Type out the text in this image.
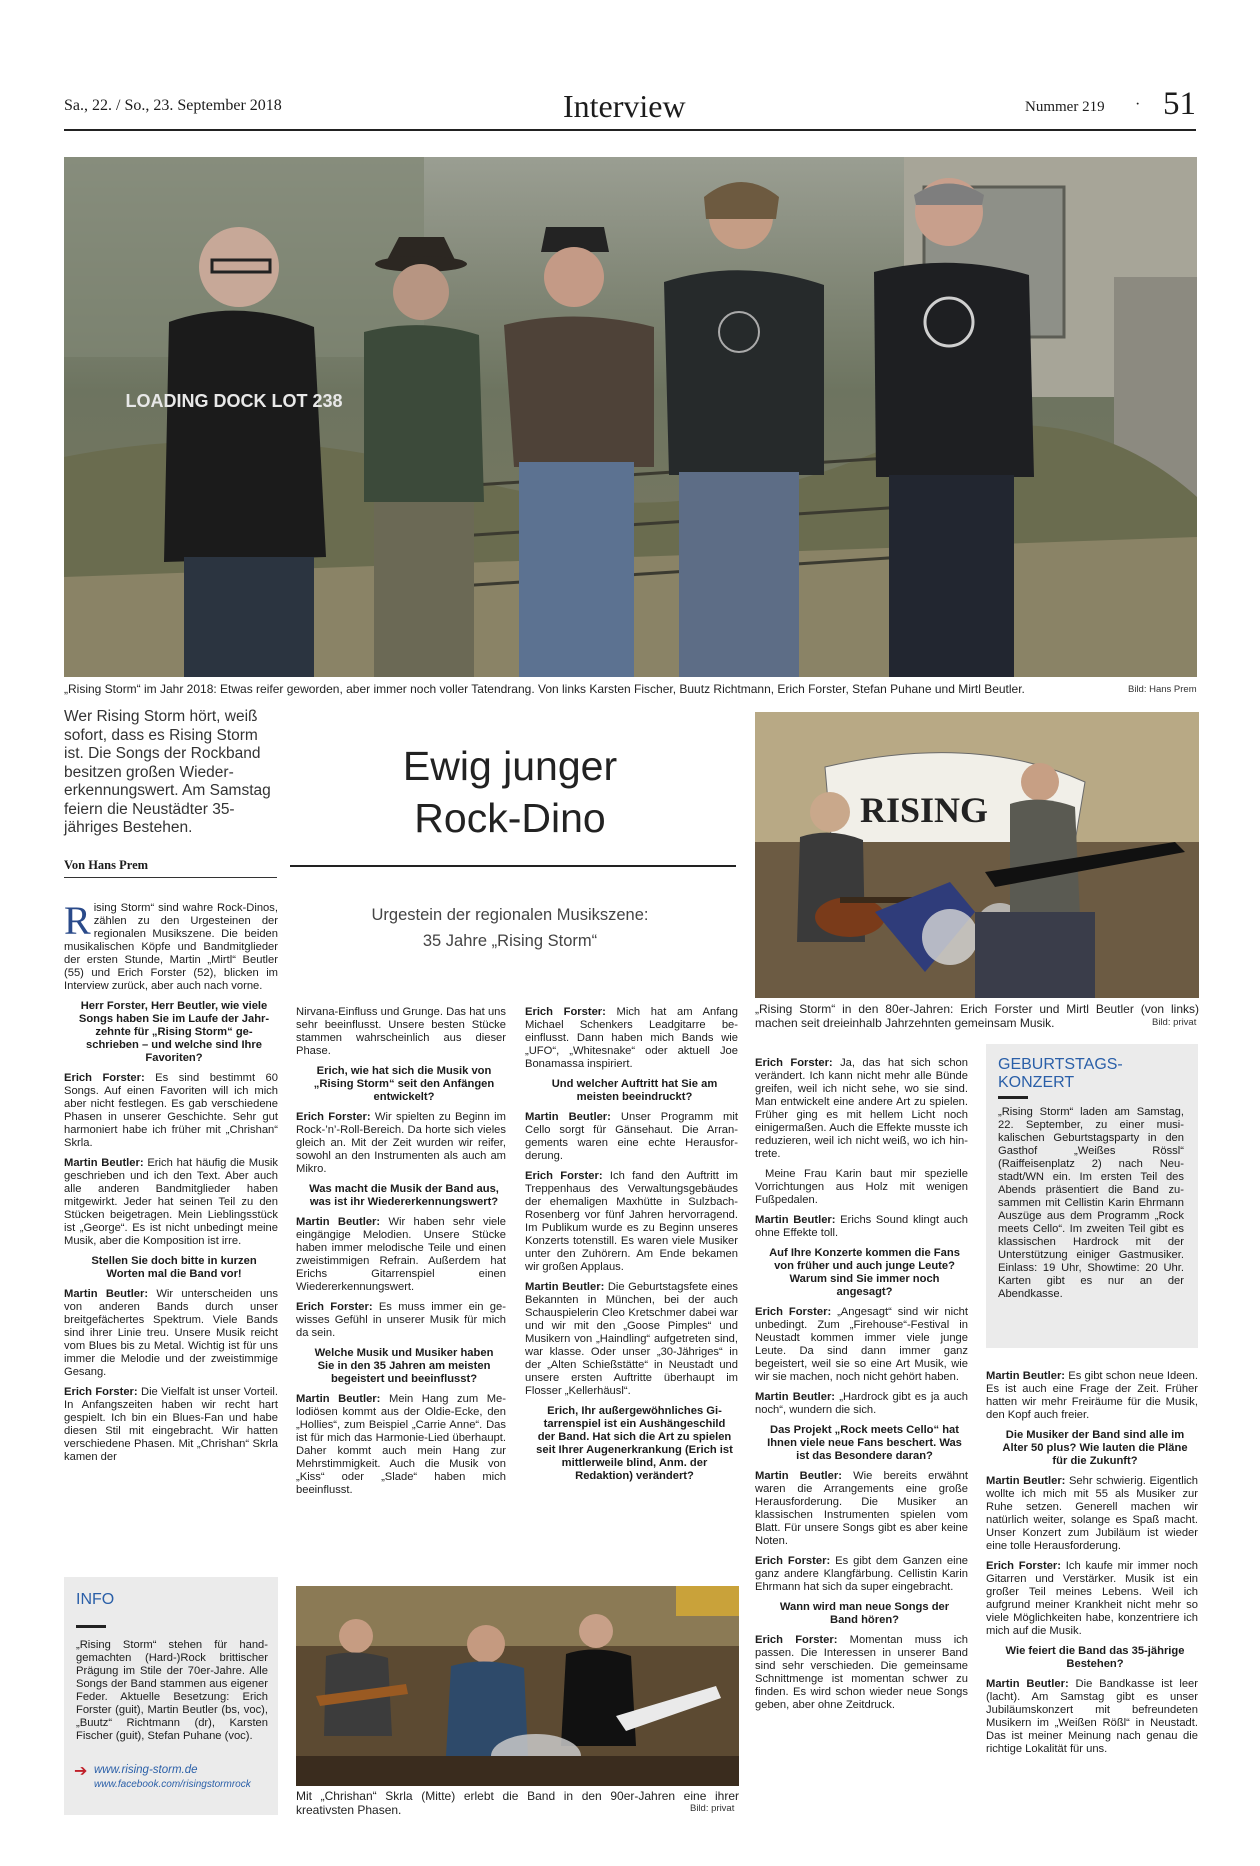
Sa., 22. / So., 23. September 2018	Interview	Nummer 219 · 51
LOADING DOCK LOT 238
„Rising Storm“ im Jahr 2018: Etwas reifer geworden, aber immer noch voller Tatendrang. Von links Karsten Fischer, Buutz Richtmann, Erich Forster, Stefan Puhane und Mirtl Beutler.	Bild: Hans Prem
Wer Rising Storm hört, weiß sofort, dass es Rising Storm ist. Die Songs der Rockband besitzen großen Wiedererkennungswert. Am Samstag feiern die Neustädter 35-jähriges Bestehen.
Von Hans Prem
Ewig junger
Rock-Dino
Urgestein der regionalen Musikszene:
35 Jahre „Rising Storm“
RISING
„Rising Storm“ in den 80er-Jahren: Erich Forster und Mirtl Beutler (von links) machen seit dreieinhalb Jahrzehnten gemeinsam Musik.	Bild: privat

Rising Storm“ sind wahre Rock-Dinos, zählen zu den Urgesteinen der regionalen Musikszene. Die beiden musikalischen Köpfe und Bandmitglieder der ersten Stunde, Martin „Mirtl“ Beutler (55) und Erich Forster (52), blicken im Interview zurück, aber auch nach vorne.

Herr Forster, Herr Beutler, wie viele Songs haben Sie im Laufe der Jahrzehnte für „Rising Storm“ geschrieben – und welche sind Ihre Favoriten?

Erich Forster: Es sind bestimmt 60 Songs. Auf einen Favoriten will ich mich aber nicht festlegen. Es gab verschiedene Phasen in unserer Geschichte. Sehr gut harmoniert habe ich früher mit „Chrishan“ Skrla.

Martin Beutler: Erich hat häufig die Musik geschrieben und ich den Text. Aber auch alle anderen Bandmitglieder haben mitgewirkt. Jeder hat seinen Teil zu den Stücken beigetragen. Mein Lieblingsstück ist „George“. Es ist nicht unbedingt meine Musik, aber die Komposition ist irre.

Stellen Sie doch bitte in kurzen Worten mal die Band vor!

Martin Beutler: Wir unterscheiden uns von anderen Bands durch unser breitgefächertes Spektrum. Viele Bands sind ihrer Linie treu. Unsere Musik reicht vom Blues bis zu Metal. Wichtig ist für uns immer die Melodie und der zweistimmige Gesang.

Erich Forster: Die Vielfalt ist unser Vorteil. In Anfangszeiten haben wir recht hart gespielt. Ich bin ein Blues-Fan und habe diesen Stil mit eingebracht. Wir hatten verschiedene Phasen. Mit „Chrishan“ Skrla kamen der

Nirvana-Einfluss und Grunge. Das hat uns sehr beeinflusst. Unsere besten Stücke stammen wahrscheinlich aus dieser Phase.

Erich, wie hat sich die Musik von „Rising Storm“ seit den Anfängen entwickelt?

Erich Forster: Wir spielten zu Beginn im Rock-’n’-Roll-Bereich. Da horte sich vieles gleich an. Mit der Zeit wurden wir reifer, sowohl an den Instrumenten als auch am Mikro.

Was macht die Musik der Band aus, was ist ihr Wiedererkennungswert?

Martin Beutler: Wir haben sehr viele eingängige Melodien. Unsere Stücke haben immer melodische Teile und einen zweistimmigen Refrain. Außerdem hat Erichs Gitarrenspiel einen Wiedererkennungswert.

Erich Forster: Es muss immer ein gewisses Gefühl in unserer Musik für mich da sein.

Welche Musik und Musiker haben Sie in den 35 Jahren am meisten begeistert und beeinflusst?

Martin Beutler: Mein Hang zum Melodiösen kommt aus der Oldie-Ecke, den „Hollies“, zum Beispiel „Carrie Anne“. Das ist für mich das Harmonie-Lied überhaupt. Daher kommt auch mein Hang zur Mehrstimmigkeit. Auch die Musik von „Kiss“ oder „Slade“ haben mich beeinflusst.

Erich Forster: Mich hat am Anfang Michael Schenkers Leadgitarre beeinflusst. Dann haben mich Bands wie „UFO“, „Whitesnake“ oder aktuell Joe Bonamassa inspiriert.

Und welcher Auftritt hat Sie am meisten beeindruckt?

Martin Beutler: Unser Programm mit Cello sorgt für Gänsehaut. Die Arrangements waren eine echte Herausforderung.

Erich Forster: Ich fand den Auftritt im Treppenhaus des Verwaltungsgebäudes der ehemaligen Maxhütte in Sulzbach-Rosenberg vor fünf Jahren hervorragend. Im Publikum wurde es zu Beginn unseres Konzerts totenstill. Es waren viele Musiker unter den Zuhörern. Am Ende bekamen wir großen Applaus.

Martin Beutler: Die Geburtstagsfete eines Bekannten in München, bei der auch Schauspielerin Cleo Kretschmer dabei war und wir mit den „Goose Pimples“ und Musikern von „Haindling“ aufgetreten sind, war klasse. Oder unser „30-Jähriges“ in der „Alten Schießstätte“ in Neustadt und unsere ersten Auftritte überhaupt im Flosser „Kellerhäusl“.

Erich, Ihr außergewöhnliches Gitarrenspiel ist ein Aushängeschild der Band. Hat sich die Art zu spielen seit Ihrer Augenerkrankung (Erich ist mittlerweile blind, Anm. der Redaktion) verändert?

Erich Forster: Ja, das hat sich schon verändert. Ich kann nicht mehr alle Bünde greifen, weil ich nicht sehe, wo sie sind. Man entwickelt eine andere Art zu spielen. Früher ging es mit hellem Licht noch einigermaßen. Auch die Effekte musste ich reduzieren, weil ich nicht weiß, wo ich hintrete.

Meine Frau Karin baut mir spezielle Vorrichtungen aus Holz mit wenigen Fußpedalen.

Martin Beutler: Erichs Sound klingt auch ohne Effekte toll.

Auf Ihre Konzerte kommen die Fans von früher und auch junge Leute? Warum sind Sie immer noch angesagt?

Erich Forster: „Angesagt“ sind wir nicht unbedingt. Zum „Firehouse“-Festival in Neustadt kommen immer viele junge Leute. Da sind dann immer ganz begeistert, weil sie so eine Art Musik, wie wir sie machen, noch nicht gehört haben.

Martin Beutler: „Hardrock gibt es ja auch noch“, wundern die sich.

Das Projekt „Rock meets Cello“ hat Ihnen viele neue Fans beschert. Was ist das Besondere daran?

Martin Beutler: Wie bereits erwähnt waren die Arrangements eine große Herausforderung. Die Musiker an klassischen Instrumenten spielen vom Blatt. Für unsere Songs gibt es aber keine Noten.

Erich Forster: Es gibt dem Ganzen eine ganz andere Klangfärbung. Cellistin Karin Ehrmann hat sich da super eingebracht.

Wann wird man neue Songs der Band hören?

Erich Forster: Momentan muss ich passen. Die Interessen in unserer Band sind sehr verschieden. Die gemeinsame Schnittmenge ist momentan schwer zu finden. Es wird schon wieder neue Songs geben, aber ohne Zeitdruck.

GEBURTSTAGS-KONZERT
„Rising Storm“ laden am Samstag, 22. September, zu einer musikalischen Geburtstagsparty in den Gasthof „Weißes Rössl“ (Raiffeisenplatz 2) nach Neustadt/WN ein. Im ersten Teil des Abends präsentiert die Band zusammen mit Cellistin Karin Ehrmann Auszüge aus dem Programm „Rock meets Cello“. Im zweiten Teil gibt es klassischen Hardrock mit der Unterstützung einiger Gastmusiker. Einlass: 19 Uhr, Showtime: 20 Uhr. Karten gibt es nur an der Abendkasse.

Martin Beutler: Es gibt schon neue Ideen. Es ist auch eine Frage der Zeit. Früher hatten wir mehr Freiräume für die Musik, den Kopf auch freier.

Die Musiker der Band sind alle im Alter 50 plus? Wie lauten die Pläne für die Zukunft?

Martin Beutler: Sehr schwierig. Eigentlich wollte ich mich mit 55 als Musiker zur Ruhe setzen. Generell machen wir natürlich weiter, solange es Spaß macht. Unser Konzert zum Jubiläum ist wieder eine tolle Herausforderung.

Erich Forster: Ich kaufe mir immer noch Gitarren und Verstärker. Musik ist ein großer Teil meines Lebens. Weil ich aufgrund meiner Krankheit nicht mehr so viele Möglichkeiten habe, konzentriere ich mich auf die Musik.

Wie feiert die Band das 35-jährige Bestehen?

Martin Beutler: Die Bandkasse ist leer (lacht). Am Samstag gibt es unser Jubiläumskonzert mit befreundeten Musikern im „Weißen Rößl“ in Neustadt. Das ist meiner Meinung nach genau die richtige Lokalität für uns.

INFO
„Rising Storm“ stehen für handgemachten (Hard-)Rock brittischer Prägung im Stile der 70er-Jahre. Alle Songs der Band stammen aus eigener Feder. Aktuelle Besetzung: Erich Forster (guit), Martin Beutler (bs, voc), „Buutz“ Richtmann (dr), Karsten Fischer (guit), Stefan Puhane (voc).
➔ www.rising-storm.de
www.facebook.com/risingstormrock
Mit „Chrishan“ Skrla (Mitte) erlebt die Band in den 90er-Jahren eine ihrer kreativsten Phasen.	Bild: privat
